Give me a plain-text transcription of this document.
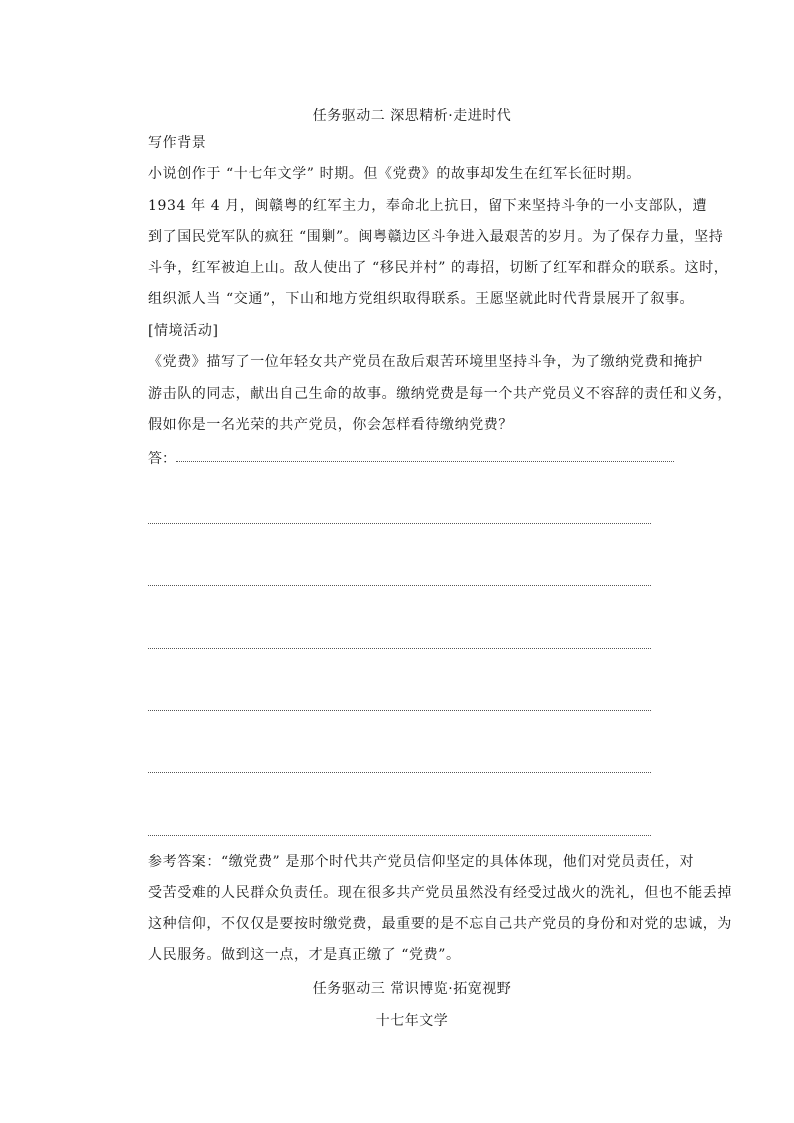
任务驱动二 深思精析·走进时代
写作背景
小说创作于 “十七年文学” 时期。但《党费》的故事却发生在红军长征时期。
1934 年 4 月，闽赣粤的红军主力，奉命北上抗日，留下来坚持斗争的一小支部队，遭
到了国民党军队的疯狂 “围剿”。闽粤赣边区斗争进入最艰苦的岁月。为了保存力量，坚持
斗争，红军被迫上山。敌人使出了 “移民并村” 的毒招，切断了红军和群众的联系。这时，
组织派人当 “交通”，下山和地方党组织取得联系。王愿坚就此时代背景展开了叙事。
[情境活动]
《党费》描写了一位年轻女共产党员在敌后艰苦环境里坚持斗争，为了缴纳党费和掩护
游击队的同志，献出自己生命的故事。缴纳党费是每一个共产党员义不容辞的责任和义务，
假如你是一名光荣的共产党员，你会怎样看待缴纳党费？
答：
参考答案：“缴党费” 是那个时代共产党员信仰坚定的具体体现，他们对党员责任，对
受苦受难的人民群众负责任。现在很多共产党员虽然没有经受过战火的洗礼，但也不能丢掉
这种信仰，不仅仅是要按时缴党费，最重要的是不忘自己共产党员的身份和对党的忠诚，为
人民服务。做到这一点，才是真正缴了 “党费”。
任务驱动三 常识博览·拓宽视野
十七年文学
